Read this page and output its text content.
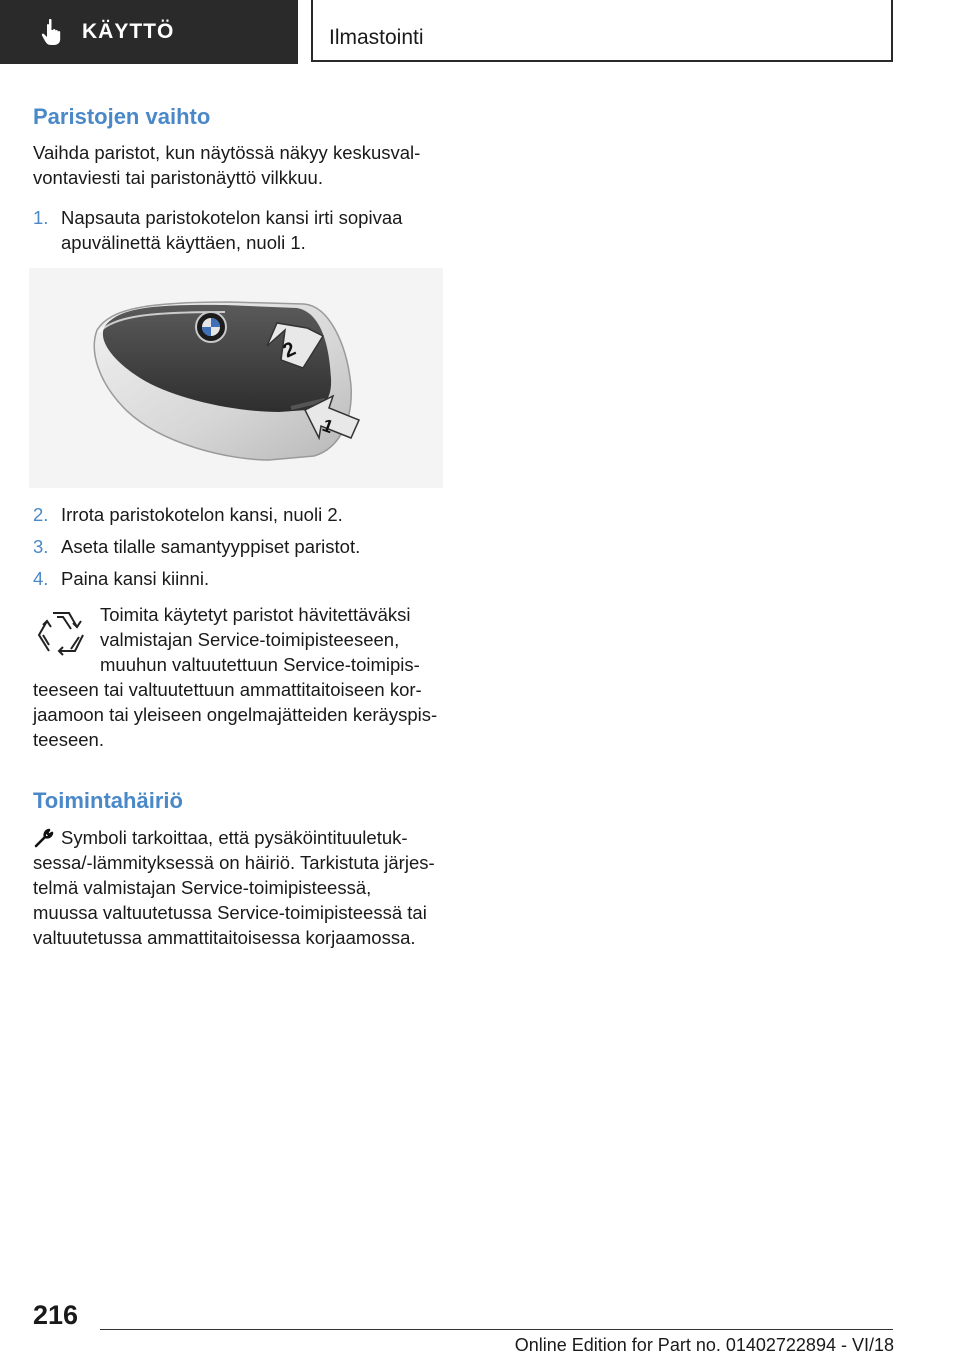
KÄYTTÖ	Ilmastointi
Paristojen vaihto

Vaihda paristot, kun näytössä näkyy keskusval-
vontaviesti tai paristonäyttö vilkkuu.

1. Napsauta paristokotelon kansi irti sopivaa
apuvälinettä käyttäen, nuoli 1.
2
1
2. Irrota paristokotelon kansi, nuoli 2.
3. Aseta tilalle samantyyppiset paristot.
4. Paina kansi kiinni.

Toimita käytetyt paristot hävitettäväksi
valmistajan Service-toimipisteeseen,
muuhun valtuutettuun Service-toimipis-
teeseen tai valtuutettuun ammattitaitoiseen kor-
jaamoon tai yleiseen ongelmajätteiden keräyspis-
teeseen.

Toimintahäiriö

Symboli tarkoittaa, että pysäköintituuletuk-
sessa/-lämmityksessä on häiriö. Tarkistuta järjes-
telmä valmistajan Service-toimipisteessä,
muussa valtuutetussa Service-toimipisteessä tai
valtuutetussa ammattitaitoisessa korjaamossa.

216
Online Edition for Part no. 01402722894 - VI/18
